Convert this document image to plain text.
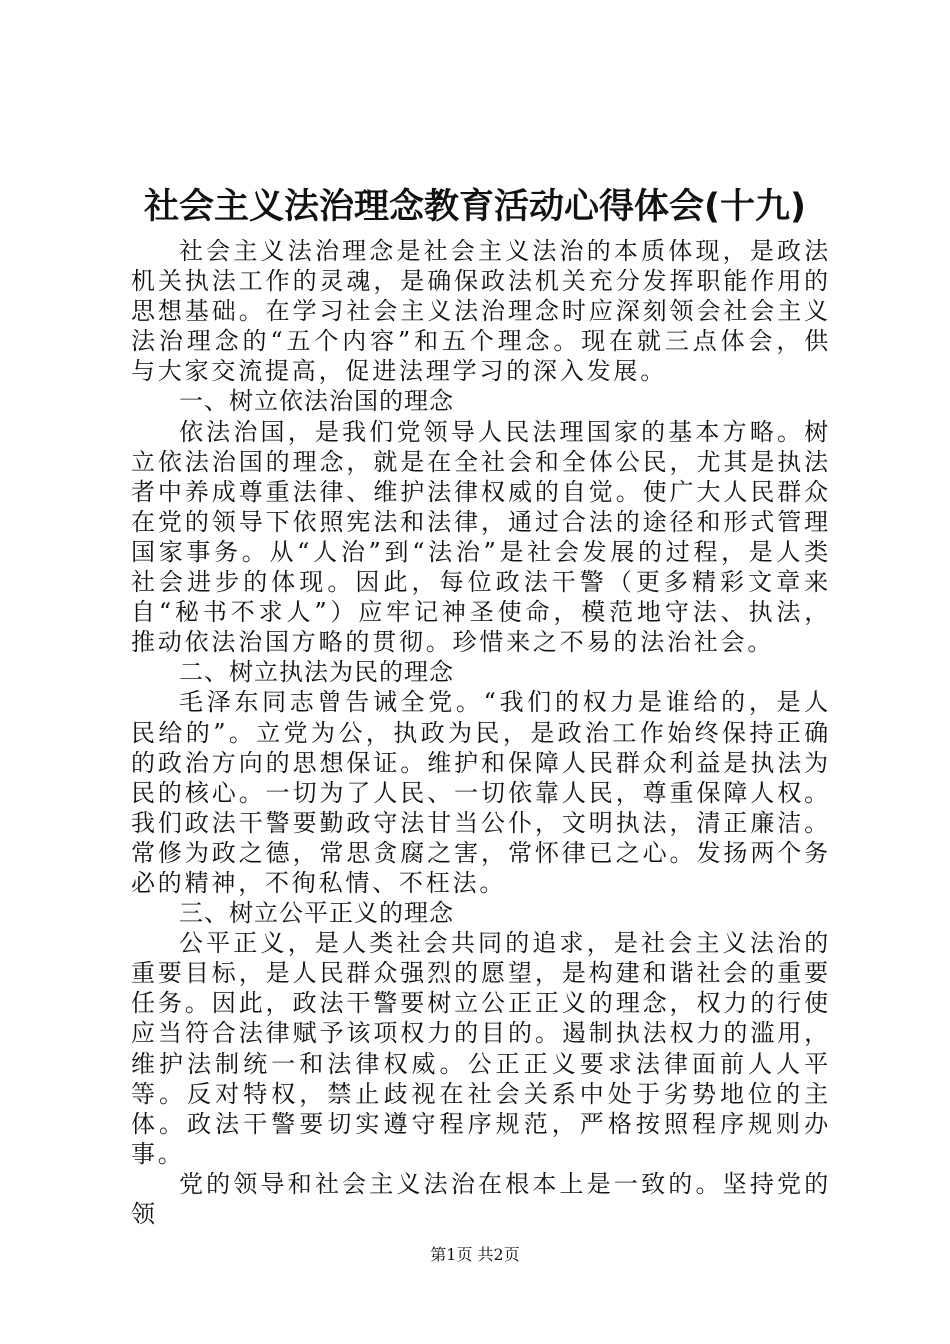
社会主义法治理念教育活动心得体会(十九)

社会主义法治理念是社会主义法治的本质体现，是政法机关执法工作的灵魂，是确保政法机关充分发挥职能作用的思想基础。在学习社会主义法治理念时应深刻领会社会主义法治理念的“五个内容”和五个理念。现在就三点体会，供与大家交流提高，促进法理学习的深入发展。

一、树立依法治国的理念

依法治国，是我们党领导人民法理国家的基本方略。树立依法治国的理念，就是在全社会和全体公民，尤其是执法者中养成尊重法律、维护法律权威的自觉。使广大人民群众在党的领导下依照宪法和法律，通过合法的途径和形式管理国家事务。从“人治”到“法治”是社会发展的过程，是人类社会进步的体现。因此，每位政法干警（更多精彩文章来自“秘书不求人”）应牢记神圣使命，模范地守法、执法，推动依法治国方略的贯彻。珍惜来之不易的法治社会。

二、树立执法为民的理念

毛泽东同志曾告诫全党。“我们的权力是谁给的，是人民给的”。立党为公，执政为民，是政治工作始终保持正确的政治方向的思想保证。维护和保障人民群众利益是执法为民的核心。一切为了人民、一切依靠人民，尊重保障人权。我们政法干警要勤政守法甘当公仆，文明执法，清正廉洁。常修为政之德，常思贪腐之害，常怀律已之心。发扬两个务必的精神，不徇私情、不枉法。

三、树立公平正义的理念

公平正义，是人类社会共同的追求，是社会主义法治的重要目标，是人民群众强烈的愿望，是构建和谐社会的重要任务。因此，政法干警要树立公正正义的理念，权力的行使应当符合法律赋予该项权力的目的。遏制执法权力的滥用，维护法制统一和法律权威。公正正义要求法律面前人人平等。反对特权，禁止歧视在社会关系中处于劣势地位的主体。政法干警要切实遵守程序规范，严格按照程序规则办事。

党的领导和社会主义法治在根本上是一致的。坚持党的领

第1页 共2页
